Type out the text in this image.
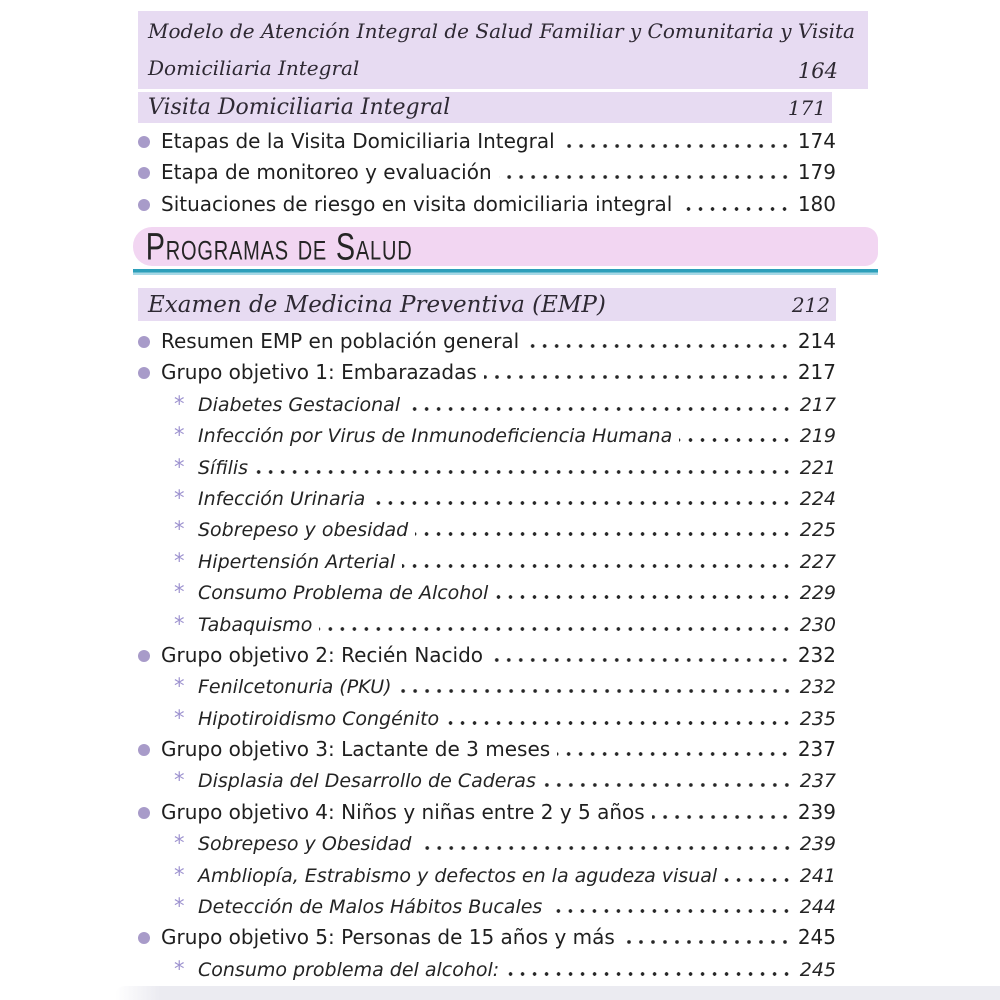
Modelo de Atención Integral de Salud Familiar y Comunitaria y Visita
Domiciliaria Integral	164
Visita Domiciliaria Integral	171
Etapas de la Visita Domiciliaria Integral	174
Etapa de monitoreo y evaluación	179
Situaciones de riesgo en visita domiciliaria integral	180
Programas de Salud
Examen de Medicina Preventiva (EMP)	212
Resumen EMP en población general	214
Grupo objetivo 1: Embarazadas	217
* Diabetes Gestacional	217
* Infección por Virus de Inmunodeficiencia Humana	219
* Sífilis	221
* Infección Urinaria	224
* Sobrepeso y obesidad	225
* Hipertensión Arterial	227
* Consumo Problema de Alcohol	229
* Tabaquismo	230
Grupo objetivo 2: Recién Nacido	232
* Fenilcetonuria (PKU)	232
* Hipotiroidismo Congénito	235
Grupo objetivo 3: Lactante de 3 meses	237
* Displasia del Desarrollo de Caderas	237
Grupo objetivo 4: Niños y niñas entre 2 y 5 años	239
* Sobrepeso y Obesidad	239
* Ambliopía, Estrabismo y defectos en la agudeza visual	241
* Detección de Malos Hábitos Bucales	244
Grupo objetivo 5: Personas de 15 años y más	245
* Consumo problema del alcohol:	245
